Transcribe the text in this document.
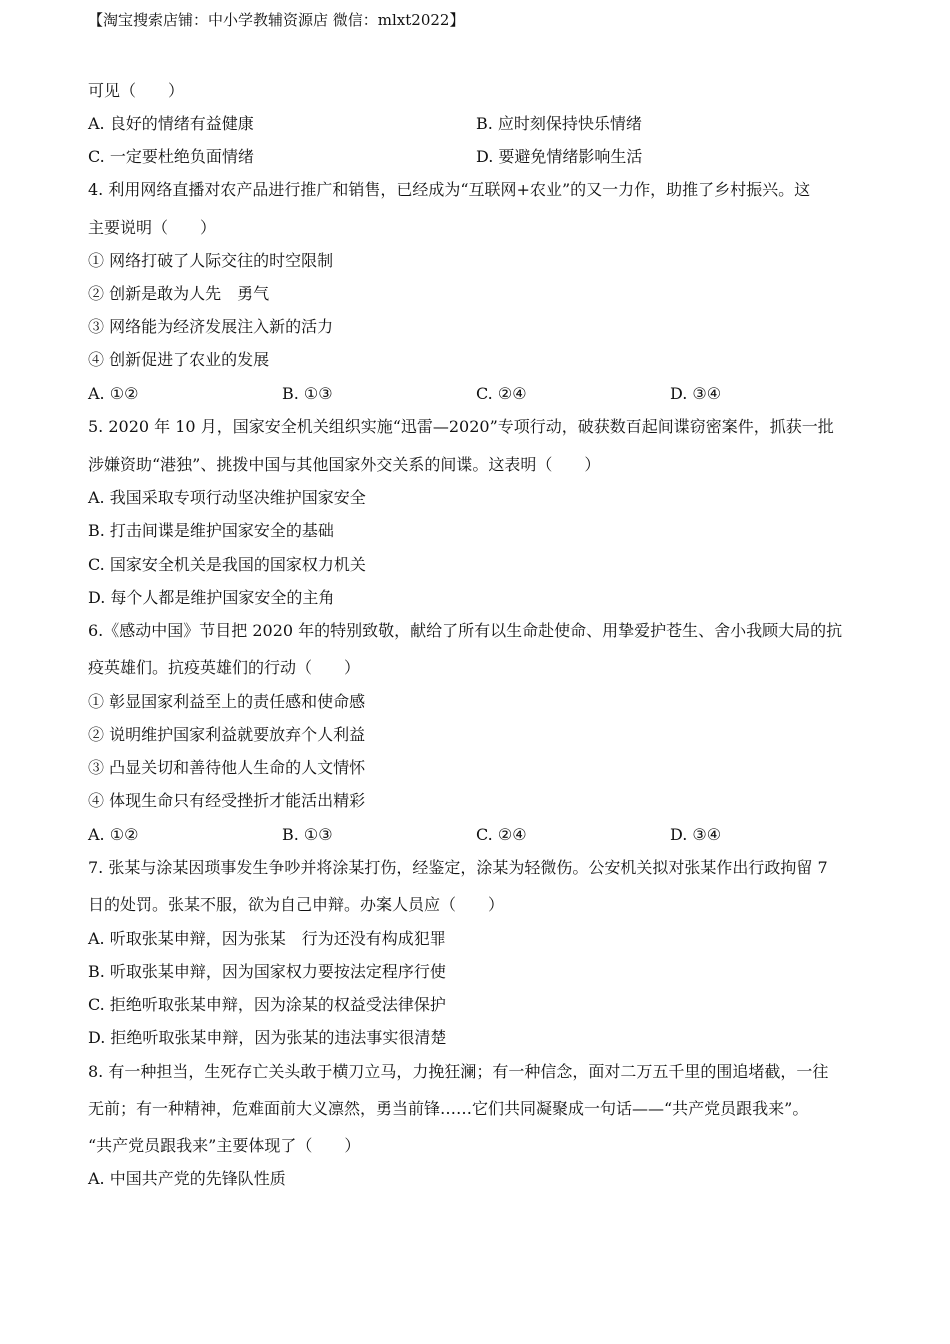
【淘宝搜索店铺：中小学教辅资源店 微信：mlxt2022】
可见（　　）
A. 良好的情绪有益健康	B. 应时刻保持快乐情绪
C. 一定要杜绝负面情绪	D. 要避免情绪影响生活
4. 利用网络直播对农产品进行推广和销售，已经成为“互联网+农业”的又一力作，助推了乡村振兴。这
主要说明（　　）
① 网络打破了人际交往的时空限制
② 创新是敢为人先　勇气
③ 网络能为经济发展注入新的活力
④ 创新促进了农业的发展
A. ①②	B. ①③	C. ②④	D. ③④
5. 2020 年 10 月，国家安全机关组织实施“迅雷—2020”专项行动，破获数百起间谍窃密案件，抓获一批
涉嫌资助“港独”、挑拨中国与其他国家外交关系的间谍。这表明（　　）
A. 我国采取专项行动坚决维护国家安全
B. 打击间谍是维护国家安全的基础
C. 国家安全机关是我国的国家权力机关
D. 每个人都是维护国家安全的主角
6.《感动中国》节目把 2020 年的特别致敬，献给了所有以生命赴使命、用挚爱护苍生、舍小我顾大局的抗
疫英雄们。抗疫英雄们的行动（　　）
① 彰显国家利益至上的责任感和使命感
② 说明维护国家利益就要放弃个人利益
③ 凸显关切和善待他人生命的人文情怀
④ 体现生命只有经受挫折才能活出精彩
A. ①②	B. ①③	C. ②④	D. ③④
7. 张某与涂某因琐事发生争吵并将涂某打伤，经鉴定，涂某为轻微伤。公安机关拟对张某作出行政拘留 7
日的处罚。张某不服，欲为自己申辩。办案人员应（　　）
A. 听取张某申辩，因为张某　行为还没有构成犯罪
B. 听取张某申辩，因为国家权力要按法定程序行使
C. 拒绝听取张某申辩，因为涂某的权益受法律保护
D. 拒绝听取张某申辩，因为张某的违法事实很清楚
8. 有一种担当，生死存亡关头敢于横刀立马，力挽狂澜；有一种信念，面对二万五千里的围追堵截，一往
无前；有一种精神，危难面前大义凛然，勇当前锋……它们共同凝聚成一句话——“共产党员跟我来”。
“共产党员跟我来”主要体现了（　　）
A. 中国共产党的先锋队性质
